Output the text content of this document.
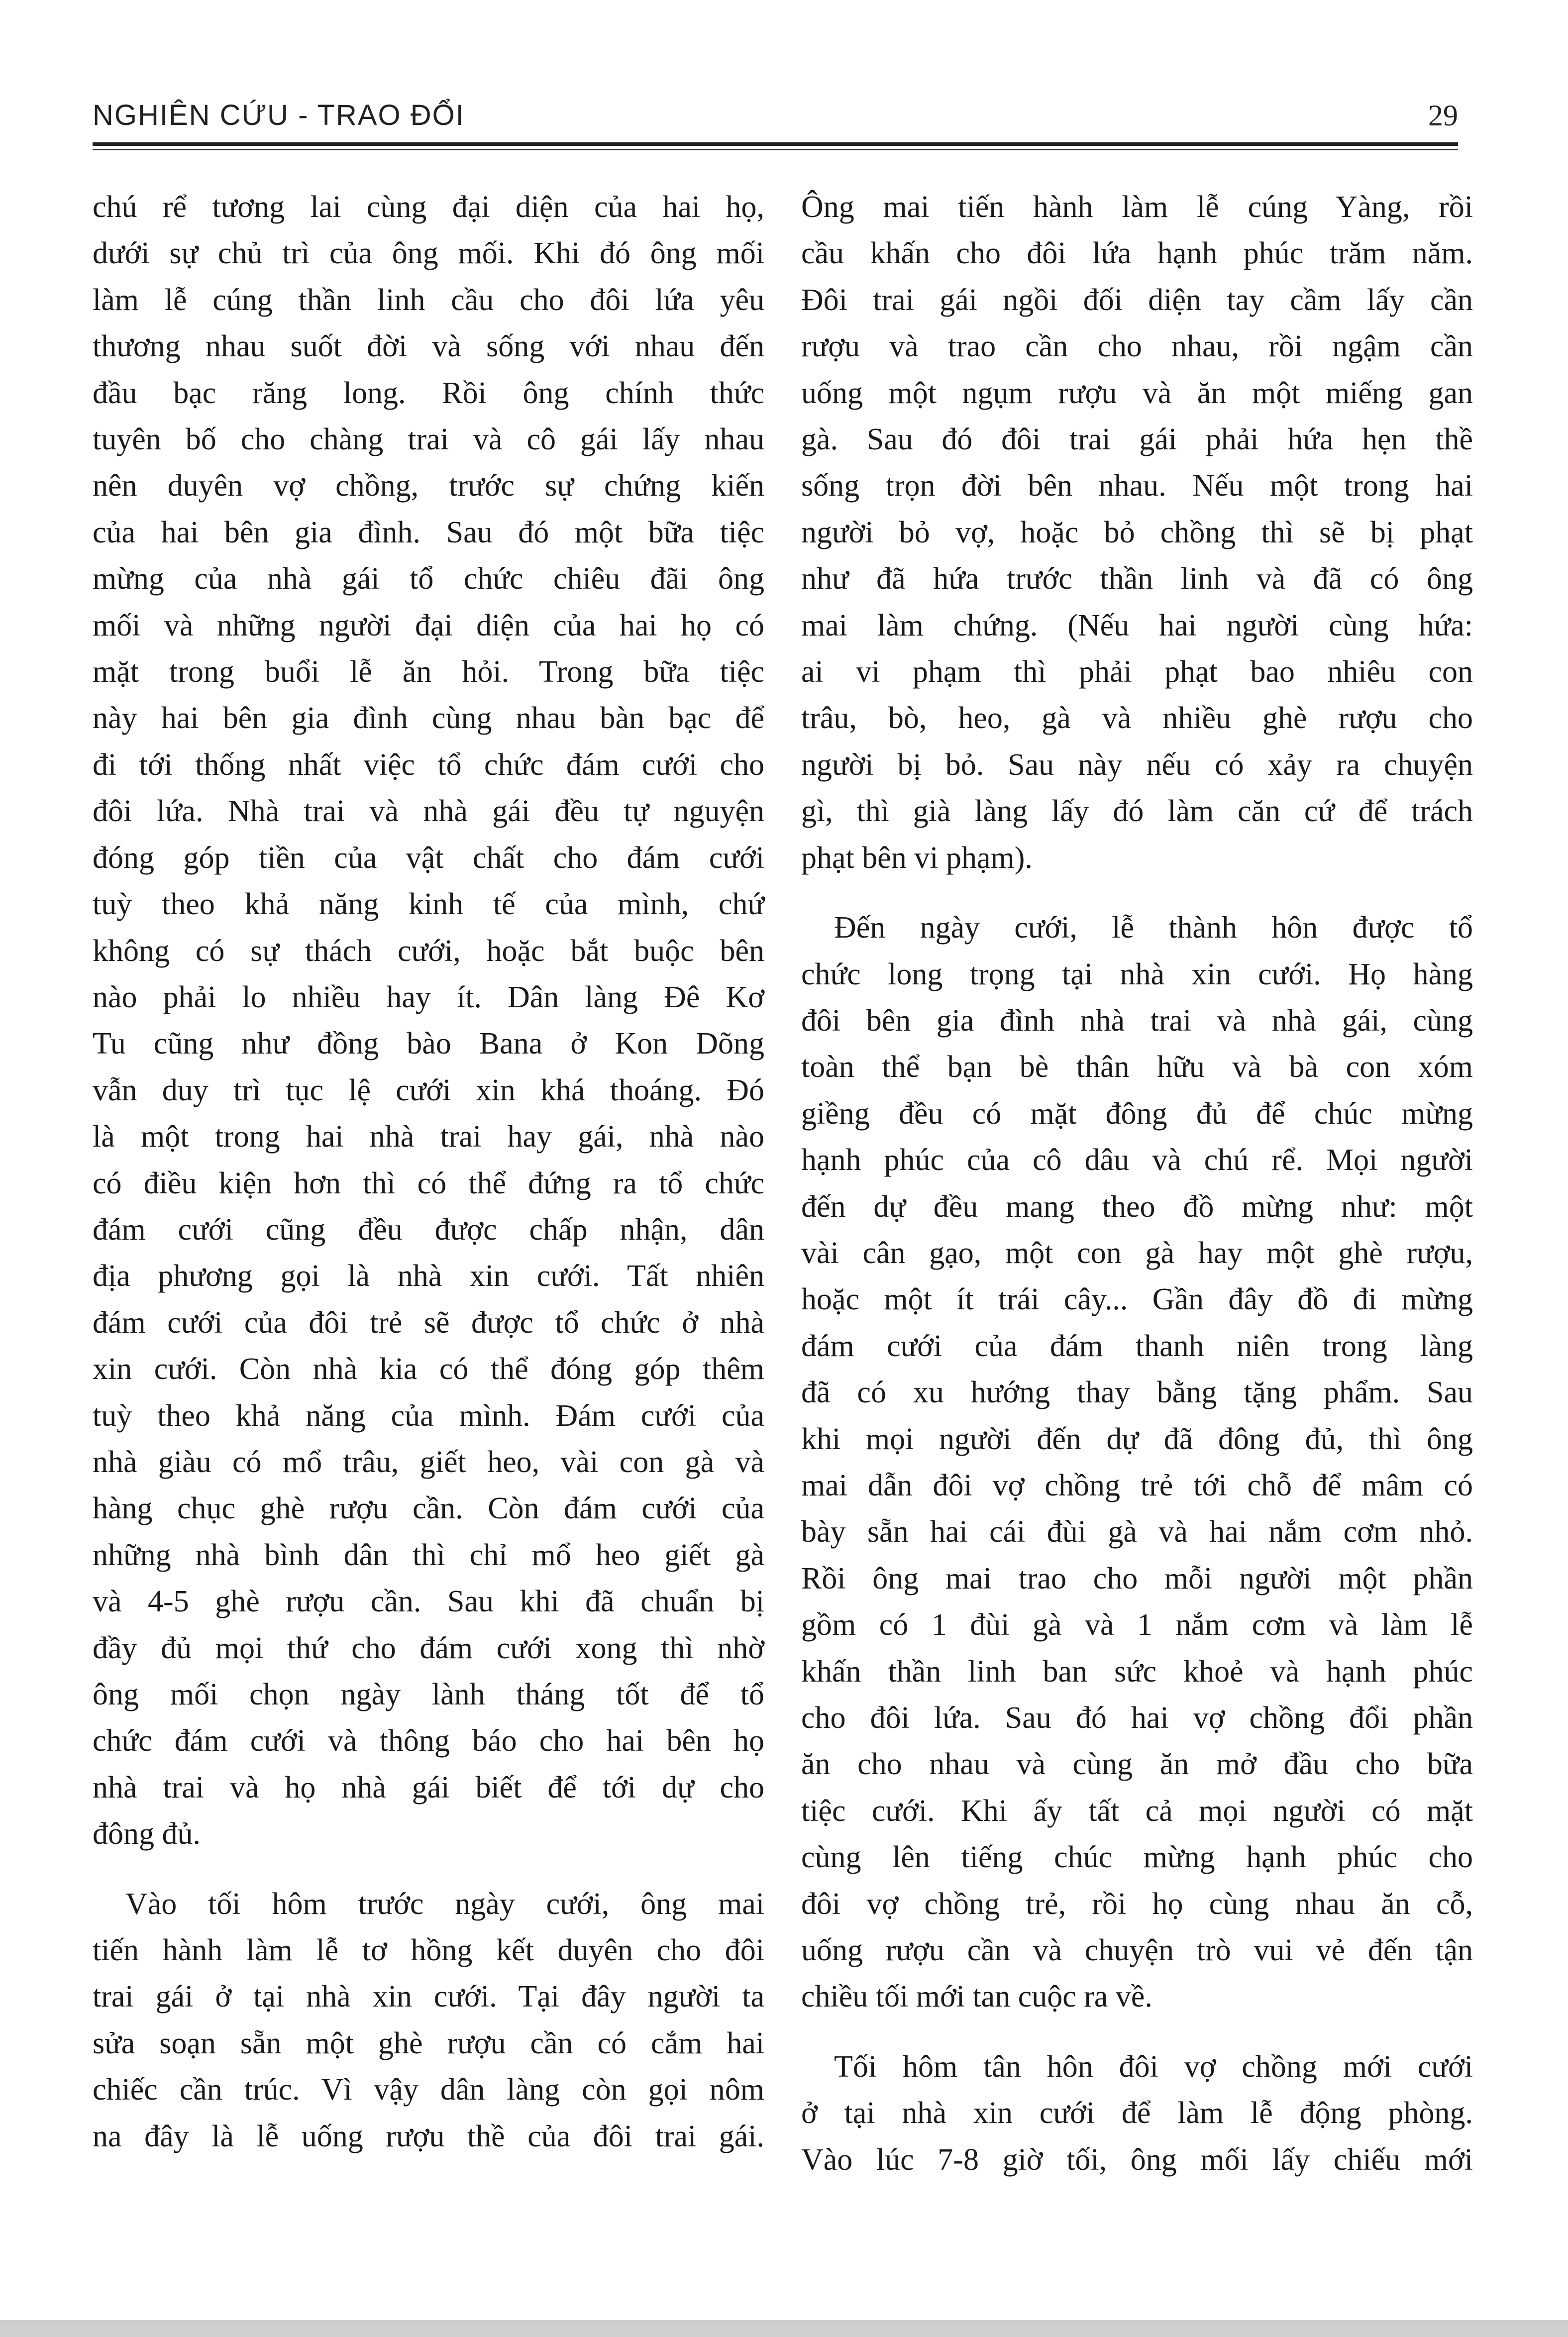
NGHIÊN CỨU - TRAO ĐỔI	29

chú rể tương lai cùng đại diện của hai họ,

dưới sự chủ trì của ông mối. Khi đó ông mối

làm lễ cúng thần linh cầu cho đôi lứa yêu

thương nhau suốt đời và sống với nhau đến

đầu bạc răng long. Rồi ông chính thức

tuyên bố cho chàng trai và cô gái lấy nhau

nên duyên vợ chồng, trước sự chứng kiến

của hai bên gia đình. Sau đó một bữa tiệc

mừng của nhà gái tổ chức chiêu đãi ông

mối và những người đại diện của hai họ có

mặt trong buổi lễ ăn hỏi. Trong bữa tiệc

này hai bên gia đình cùng nhau bàn bạc để

đi tới thống nhất việc tổ chức đám cưới cho

đôi lứa. Nhà trai và nhà gái đều tự nguyện

đóng góp tiền của vật chất cho đám cưới

tuỳ theo khả năng kinh tế của mình, chứ

không có sự thách cưới, hoặc bắt buộc bên

nào phải lo nhiều hay ít. Dân làng Đê Kơ

Tu cũng như đồng bào Bana ở Kon Dõng

vẫn duy trì tục lệ cưới xin khá thoáng. Đó

là một trong hai nhà trai hay gái, nhà nào

có điều kiện hơn thì có thể đứng ra tổ chức

đám cưới cũng đều được chấp nhận, dân

địa phương gọi là nhà xin cưới. Tất nhiên

đám cưới của đôi trẻ sẽ được tổ chức ở nhà

xin cưới. Còn nhà kia có thể đóng góp thêm

tuỳ theo khả năng của mình. Đám cưới của

nhà giàu có mổ trâu, giết heo, vài con gà và

hàng chục ghè rượu cần. Còn đám cưới của

những nhà bình dân thì chỉ mổ heo giết gà

và 4-5 ghè rượu cần. Sau khi đã chuẩn bị

đầy đủ mọi thứ cho đám cưới xong thì nhờ

ông mối chọn ngày lành tháng tốt để tổ

chức đám cưới và thông báo cho hai bên họ

nhà trai và họ nhà gái biết để tới dự cho

đông đủ.

Vào tối hôm trước ngày cưới, ông mai

tiến hành làm lễ tơ hồng kết duyên cho đôi

trai gái ở tại nhà xin cưới. Tại đây người ta

sửa soạn sẵn một ghè rượu cần có cắm hai

chiếc cần trúc. Vì vậy dân làng còn gọi nôm

na đây là lễ uống rượu thề của đôi trai gái.

Ông mai tiến hành làm lễ cúng Yàng, rồi

cầu khấn cho đôi lứa hạnh phúc trăm năm.

Đôi trai gái ngồi đối diện tay cầm lấy cần

rượu và trao cần cho nhau, rồi ngậm cần

uống một ngụm rượu và ăn một miếng gan

gà. Sau đó đôi trai gái phải hứa hẹn thề

sống trọn đời bên nhau. Nếu một trong hai

người bỏ vợ, hoặc bỏ chồng thì sẽ bị phạt

như đã hứa trước thần linh và đã có ông

mai làm chứng. (Nếu hai người cùng hứa:

ai vi phạm thì phải phạt bao nhiêu con

trâu, bò, heo, gà và nhiều ghè rượu cho

người bị bỏ. Sau này nếu có xảy ra chuyện

gì, thì già làng lấy đó làm căn cứ để trách

phạt bên vi phạm).

Đến ngày cưới, lễ thành hôn được tổ

chức long trọng tại nhà xin cưới. Họ hàng

đôi bên gia đình nhà trai và nhà gái, cùng

toàn thể bạn bè thân hữu và bà con xóm

giềng đều có mặt đông đủ để chúc mừng

hạnh phúc của cô dâu và chú rể. Mọi người

đến dự đều mang theo đồ mừng như: một

vài cân gạo, một con gà hay một ghè rượu,

hoặc một ít trái cây... Gần đây đồ đi mừng

đám cưới của đám thanh niên trong làng

đã có xu hướng thay bằng tặng phẩm. Sau

khi mọi người đến dự đã đông đủ, thì ông

mai dẫn đôi vợ chồng trẻ tới chỗ để mâm có

bày sẵn hai cái đùi gà và hai nắm cơm nhỏ.

Rồi ông mai trao cho mỗi người một phần

gồm có 1 đùi gà và 1 nắm cơm và làm lễ

khấn thần linh ban sức khoẻ và hạnh phúc

cho đôi lứa. Sau đó hai vợ chồng đổi phần

ăn cho nhau và cùng ăn mở đầu cho bữa

tiệc cưới. Khi ấy tất cả mọi người có mặt

cùng lên tiếng chúc mừng hạnh phúc cho

đôi vợ chồng trẻ, rồi họ cùng nhau ăn cỗ,

uống rượu cần và chuyện trò vui vẻ đến tận

chiều tối mới tan cuộc ra về.

Tối hôm tân hôn đôi vợ chồng mới cưới

ở tại nhà xin cưới để làm lễ động phòng.

Vào lúc 7-8 giờ tối, ông mối lấy chiếu mới
